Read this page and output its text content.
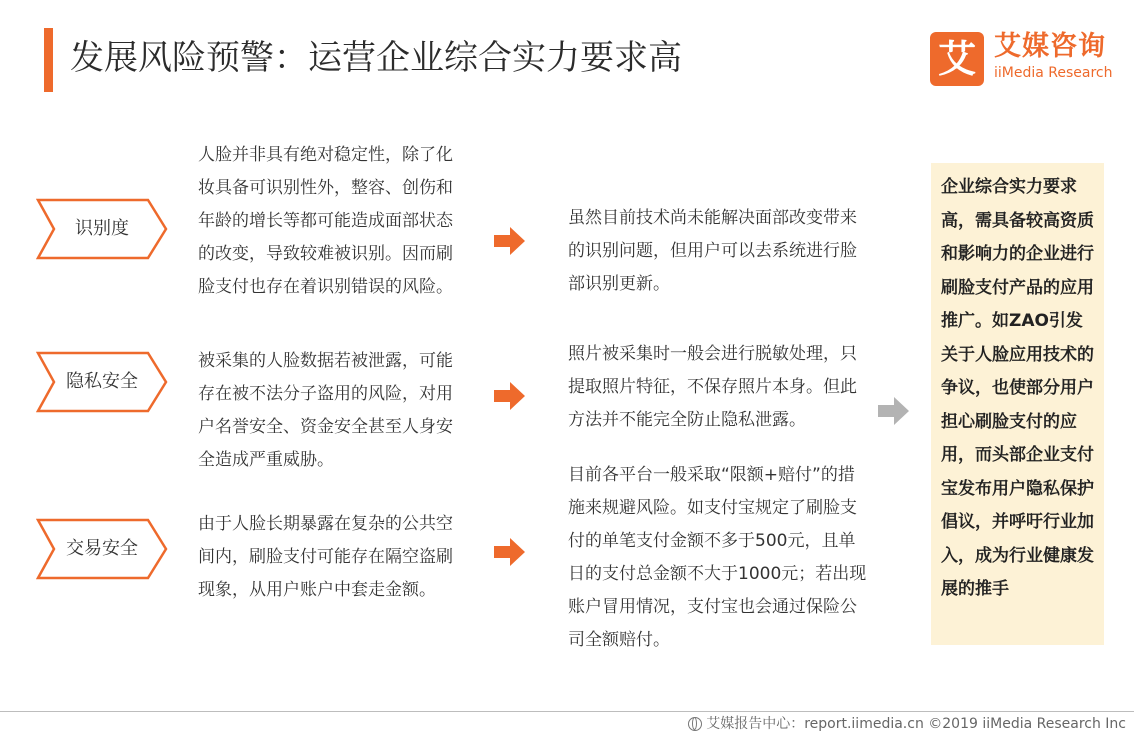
发展风险预警：运营企业综合实力要求高	艾 艾媒咨询
iiMedia Research
识别度
隐私安全
交易安全
人脸并非具有绝对稳定性，除了化妆具备可识别性外，整容、创伤和年龄的增长等都可能造成面部状态的改变，导致较难被识别。因而刷脸支付也存在着识别错误的风险。
被采集的人脸数据若被泄露，可能存在被不法分子盗用的风险，对用户名誉安全、资金安全甚至人身安全造成严重威胁。
由于人脸长期暴露在复杂的公共空间内，刷脸支付可能存在隔空盗刷现象，从用户账户中套走金额。
虽然目前技术尚未能解决面部改变带来的识别问题，但用户可以去系统进行脸部识别更新。
照片被采集时一般会进行脱敏处理，只提取照片特征，不保存照片本身。但此方法并不能完全防止隐私泄露。
目前各平台一般采取“限额+赔付”的措施来规避风险。如支付宝规定了刷脸支付的单笔支付金额不多于500元，且单日的支付总金额不大于1000元；若出现账户冒用情况，支付宝也会通过保险公司全额赔付。
企业综合实力要求高，需具备较高资质和影响力的企业进行刷脸支付产品的应用推广。如ZAO引发关于人脸应用技术的争议，也使部分用户担心刷脸支付的应用，而头部企业支付宝发布用户隐私保护倡议，并呼吁行业加入，成为行业健康发展的推手
艾媒报告中心：report.iimedia.cn ©2019 iiMedia Research Inc
